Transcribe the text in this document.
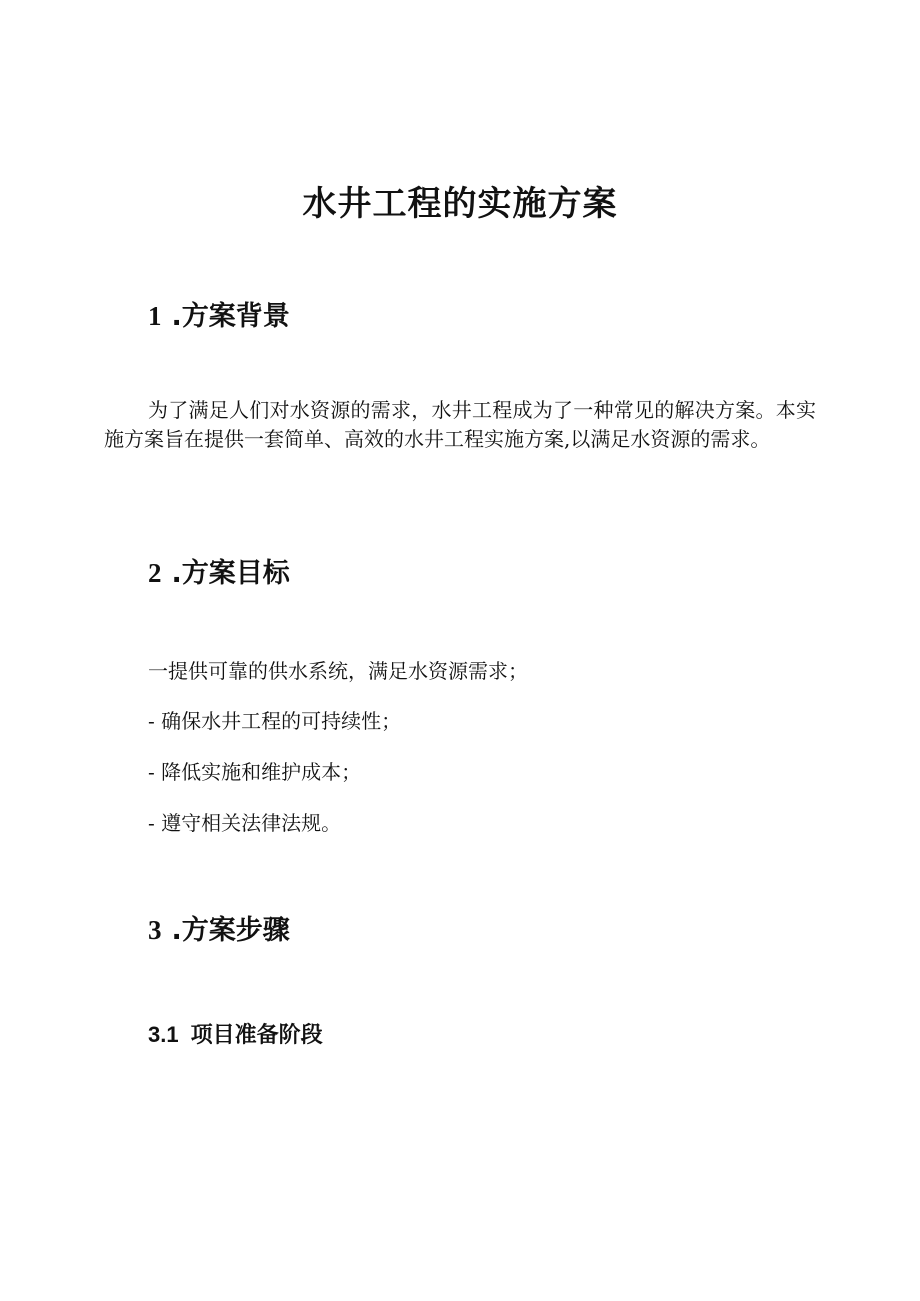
水井工程的实施方案
1 .方案背景

为了满足人们对水资源的需求，水井工程成为了一种常见的解决方案。本实施方案旨在提供一套简单、高效的水井工程实施方案,以满足水资源的需求。

2 .方案目标

一提供可靠的供水系统，满足水资源需求；

- 确保水井工程的可持续性；

- 降低实施和维护成本；

- 遵守相关法律法规。

3 .方案步骤
3.1 项目准备阶段
